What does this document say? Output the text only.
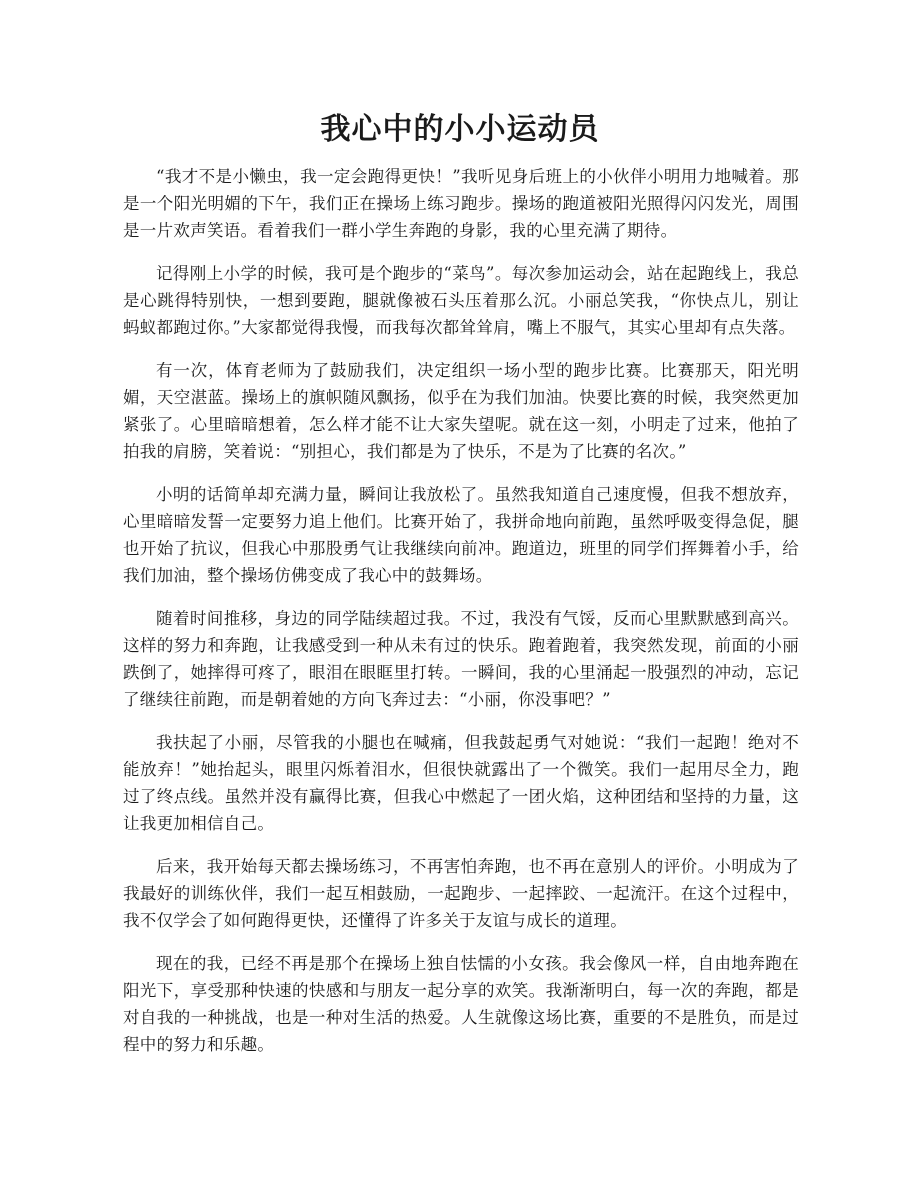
我心中的小小运动员

“我才不是小懒虫，我一定会跑得更快！”我听见身后班上的小伙伴小明用力地喊着。那是一个阳光明媚的下午，我们正在操场上练习跑步。操场的跑道被阳光照得闪闪发光，周围是一片欢声笑语。看着我们一群小学生奔跑的身影，我的心里充满了期待。

记得刚上小学的时候，我可是个跑步的“菜鸟”。每次参加运动会，站在起跑线上，我总是心跳得特别快，一想到要跑，腿就像被石头压着那么沉。小丽总笑我，“你快点儿，别让蚂蚁都跑过你。”大家都觉得我慢，而我每次都耸耸肩，嘴上不服气，其实心里却有点失落。

有一次，体育老师为了鼓励我们，决定组织一场小型的跑步比赛。比赛那天，阳光明媚，天空湛蓝。操场上的旗帜随风飘扬，似乎在为我们加油。快要比赛的时候，我突然更加紧张了。心里暗暗想着，怎么样才能不让大家失望呢。就在这一刻，小明走了过来，他拍了拍我的肩膀，笑着说：“别担心，我们都是为了快乐，不是为了比赛的名次。”

小明的话简单却充满力量，瞬间让我放松了。虽然我知道自己速度慢，但我不想放弃，心里暗暗发誓一定要努力追上他们。比赛开始了，我拼命地向前跑，虽然呼吸变得急促，腿也开始了抗议，但我心中那股勇气让我继续向前冲。跑道边，班里的同学们挥舞着小手，给我们加油，整个操场仿佛变成了我心中的鼓舞场。

随着时间推移，身边的同学陆续超过我。不过，我没有气馁，反而心里默默感到高兴。这样的努力和奔跑，让我感受到一种从未有过的快乐。跑着跑着，我突然发现，前面的小丽跌倒了，她摔得可疼了，眼泪在眼眶里打转。一瞬间，我的心里涌起一股强烈的冲动，忘记了继续往前跑，而是朝着她的方向飞奔过去：“小丽，你没事吧？”

我扶起了小丽，尽管我的小腿也在喊痛，但我鼓起勇气对她说：“我们一起跑！绝对不能放弃！”她抬起头，眼里闪烁着泪水，但很快就露出了一个微笑。我们一起用尽全力，跑过了终点线。虽然并没有赢得比赛，但我心中燃起了一团火焰，这种团结和坚持的力量，这让我更加相信自己。

后来，我开始每天都去操场练习，不再害怕奔跑，也不再在意别人的评价。小明成为了我最好的训练伙伴，我们一起互相鼓励，一起跑步、一起摔跤、一起流汗。在这个过程中，我不仅学会了如何跑得更快，还懂得了许多关于友谊与成长的道理。

现在的我，已经不再是那个在操场上独自怯懦的小女孩。我会像风一样，自由地奔跑在阳光下，享受那种快速的快感和与朋友一起分享的欢笑。我渐渐明白，每一次的奔跑，都是对自我的一种挑战，也是一种对生活的热爱。人生就像这场比赛，重要的不是胜负，而是过程中的努力和乐趣。
